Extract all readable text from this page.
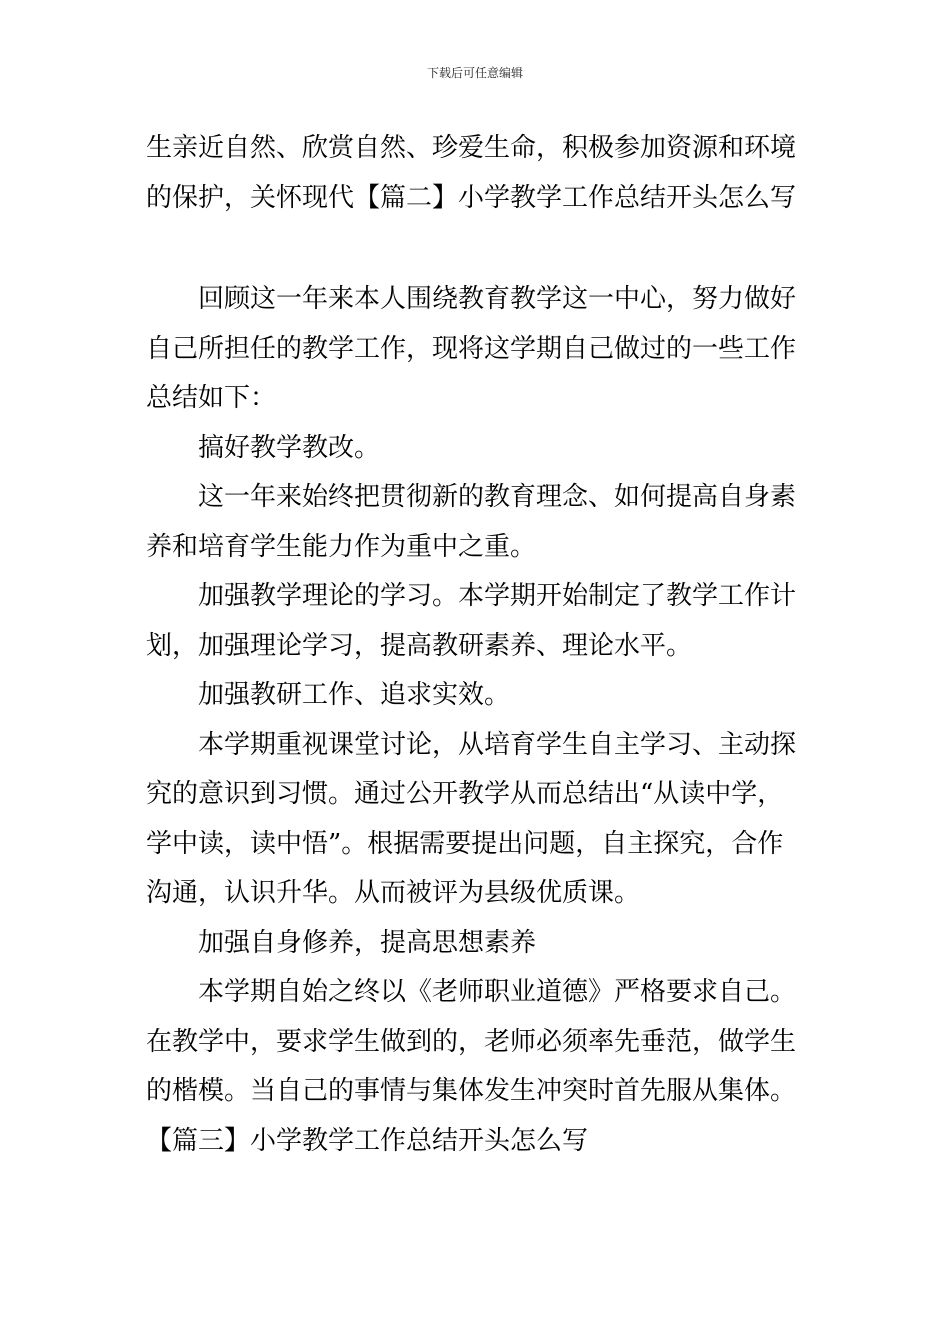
下载后可任意编辑
生亲近自然、欣赏自然、珍爱生命，积极参加资源和环境
的保护，关怀现代【篇二】小学教学工作总结开头怎么写
回顾这一年来本人围绕教育教学这一中心，努力做好
自己所担任的教学工作，现将这学期自己做过的一些工作
总结如下：
搞好教学教改。
这一年来始终把贯彻新的教育理念、如何提高自身素
养和培育学生能力作为重中之重。
加强教学理论的学习。本学期开始制定了教学工作计
划，加强理论学习，提高教研素养、理论水平。
加强教研工作、追求实效。
本学期重视课堂讨论，从培育学生自主学习、主动探
究的意识到习惯。通过公开教学从而总结出“从读中学，
学中读，读中悟”。根据需要提出问题，自主探究，合作
沟通，认识升华。从而被评为县级优质课。
加强自身修养，提高思想素养
本学期自始之终以《老师职业道德》严格要求自己。
在教学中，要求学生做到的，老师必须率先垂范，做学生
的楷模。当自己的事情与集体发生冲突时首先服从集体。
【篇三】小学教学工作总结开头怎么写
